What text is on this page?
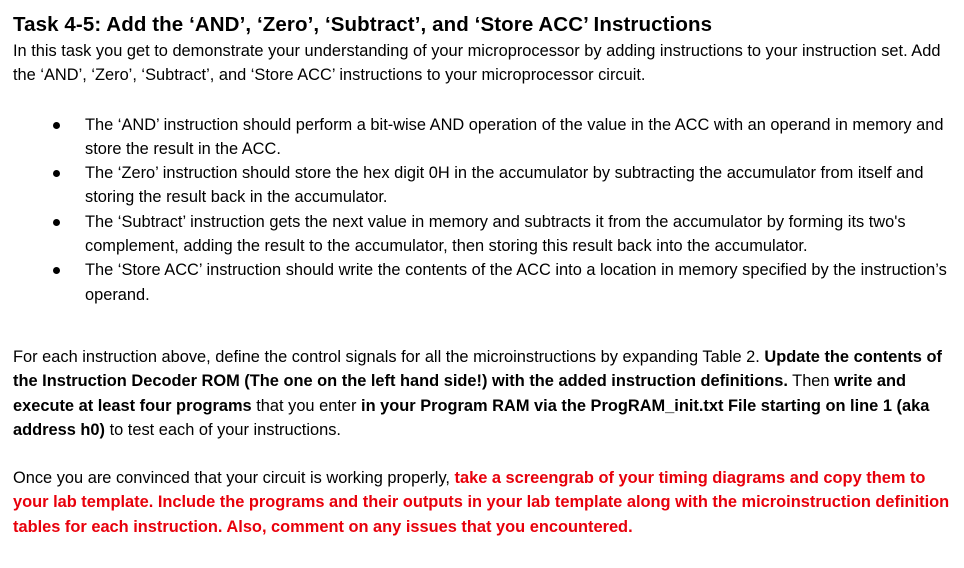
Task 4-5: Add the ‘AND’, ‘Zero’, ‘Subtract’, and ‘Store ACC’ Instructions

In this task you get to demonstrate your understanding of your microprocessor by adding instructions to your instruction set. Add the ‘AND’, ‘Zero’, ‘Subtract’, and ‘Store ACC’ instructions to your microprocessor circuit.

The ‘AND’ instruction should perform a bit-wise AND operation of the value in the ACC with an operand in memory and store the result in the ACC.
The ‘Zero’ instruction should store the hex digit 0H in the accumulator by subtracting the accumulator from itself and storing the result back in the accumulator.
The ‘Subtract’ instruction gets the next value in memory and subtracts it from the accumulator by forming its two's complement, adding the result to the accumulator, then storing this result back into the accumulator.
The ‘Store ACC’ instruction should write the contents of the ACC into a location in memory specified by the instruction’s operand.

For each instruction above, define the control signals for all the microinstructions by expanding Table 2. Update the contents of the Instruction Decoder ROM (The one on the left hand side!) with the added instruction definitions. Then write and execute at least four programs that you enter in your Program RAM via the ProgRAM_init.txt File starting on line 1 (aka address h0) to test each of your instructions.

Once you are convinced that your circuit is working properly, take a screengrab of your timing diagrams and copy them to your lab template. Include the programs and their outputs in your lab template along with the microinstruction definition tables for each instruction. Also, comment on any issues that you encountered.
